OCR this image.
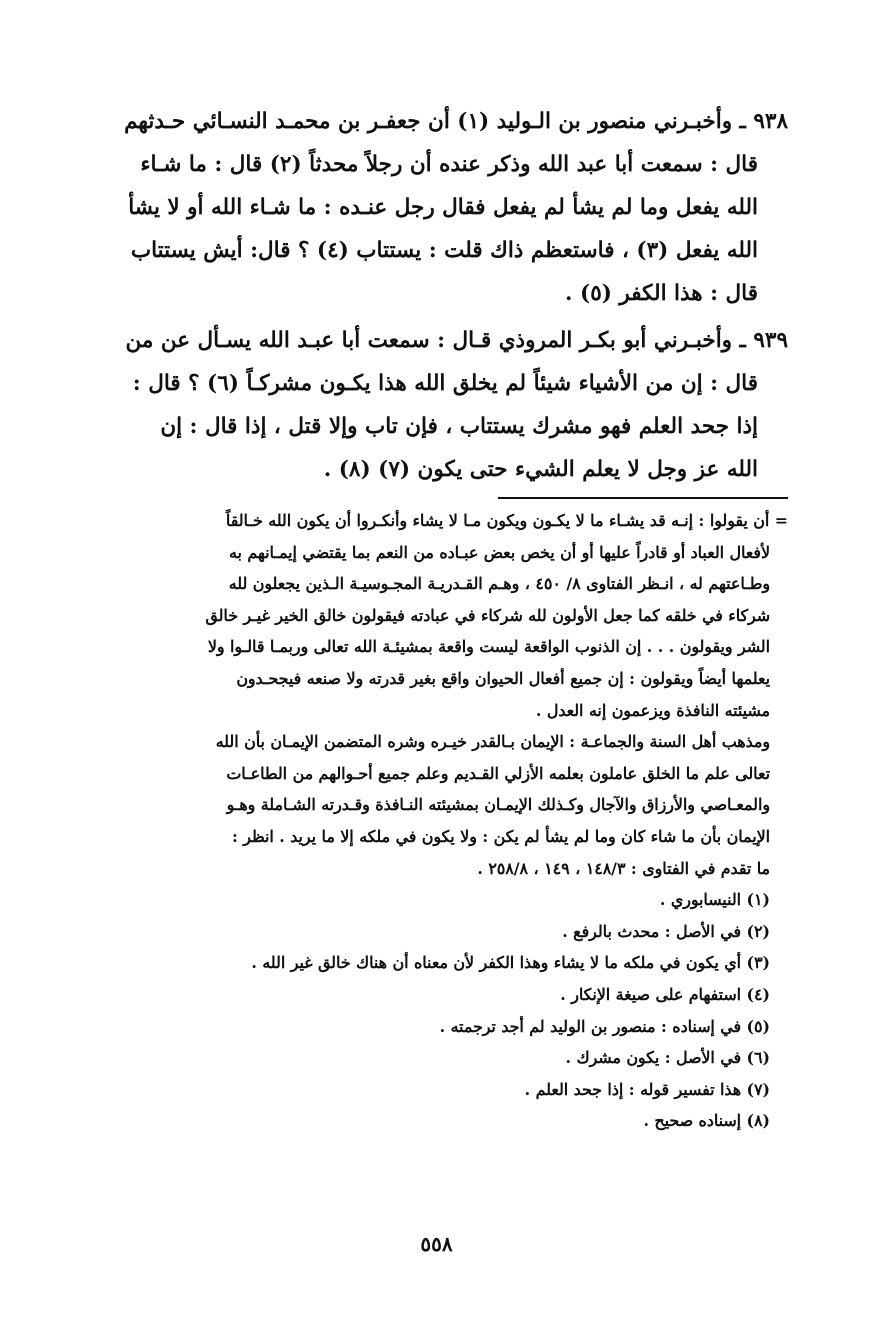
٩٣٨ ـ وأخبـرني منصور بن الـوليد (١) أن جعفـر بن محمـد النسـائي حـدثهم
قال : سمعت أبا عبد الله وذكر عنده أن رجلاً محدثاً (٢) قال : ما شـاء
الله يفعل وما لم يشأ لم يفعل فقال رجل عنـده : ما شـاء الله أو لا يشأ
الله يفعل (٣) ، فاستعظم ذاك قلت : يستتاب (٤) ؟ قال: أيش يستتاب
قال : هذا الكفر (٥) .
٩٣٩ ـ وأخبـرني أبو بكـر المروذي قـال : سمعت أبا عبـد الله يسـأل عن من
قال : إن من الأشياء شيئاً لم يخلق الله هذا يكـون مشركـاً (٦) ؟ قال :
إذا جحد العلم فهو مشرك يستتاب ، فإن تاب وإلا قتل ، إذا قال : إن
الله عز وجل لا يعلم الشيء حتى يكون (٧) (٨) .
= أن يقولوا : إنـه قد يشـاء ما لا يكـون ويكون مـا لا يشاء وأنكـروا أن يكون الله خـالقاً
لأفعال العباد أو قادراً عليها أو أن يخص بعض عبـاده من النعم بما يقتضي إيمـانهم به
وطـاعتهم له ، انـظر الفتاوى ٨/ ٤٥٠ ، وهـم القـدريـة المجـوسيـة الـذين يجعلون لله
شركاء في خلقه كما جعل الأولون لله شركاء في عبادته فيقولون خالق الخير غيـر خالق
الشر ويقولون . . . إن الذنوب الواقعة ليست واقعة بمشيئـة الله تعالى وربمـا قالـوا ولا
يعلمها أيضاً ويقولون : إن جميع أفعال الحيوان واقع بغير قدرته ولا صنعه فيجحـدون
مشيئته النافذة ويزعمون إنه العدل .
ومذهب أهل السنة والجماعـة : الإيمان بـالقدر خيـره وشره المتضمن الإيمـان بأن الله
تعالى علم ما الخلق عاملون بعلمه الأزلي القـديم وعلم جميع أحـوالهم من الطاعـات
والمعـاصي والأرزاق والآجال وكـذلك الإيمـان بمشيئته النـافذة وقـدرته الشـاملة وهـو
الإيمان بأن ما شاء كان وما لم يشأ لم يكن : ولا يكون في ملكه إلا ما يريد . انظر :
ما تقدم في الفتاوى : ١٤٨/٣ ، ١٤٩ ، ٢٥٨/٨ .
(١) النيسابوري .
(٢) في الأصل : محدث بالرفع .
(٣) أي يكون في ملكه ما لا يشاء وهذا الكفر لأن معناه أن هناك خالق غير الله .
(٤) استفهام على صيغة الإنكار .
(٥) في إسناده : منصور بن الوليد لم أجد ترجمته .
(٦) في الأصل : يكون مشرك .
(٧) هذا تفسير قوله : إذا جحد العلم .
(٨) إسناده صحيح .
٥٥٨
